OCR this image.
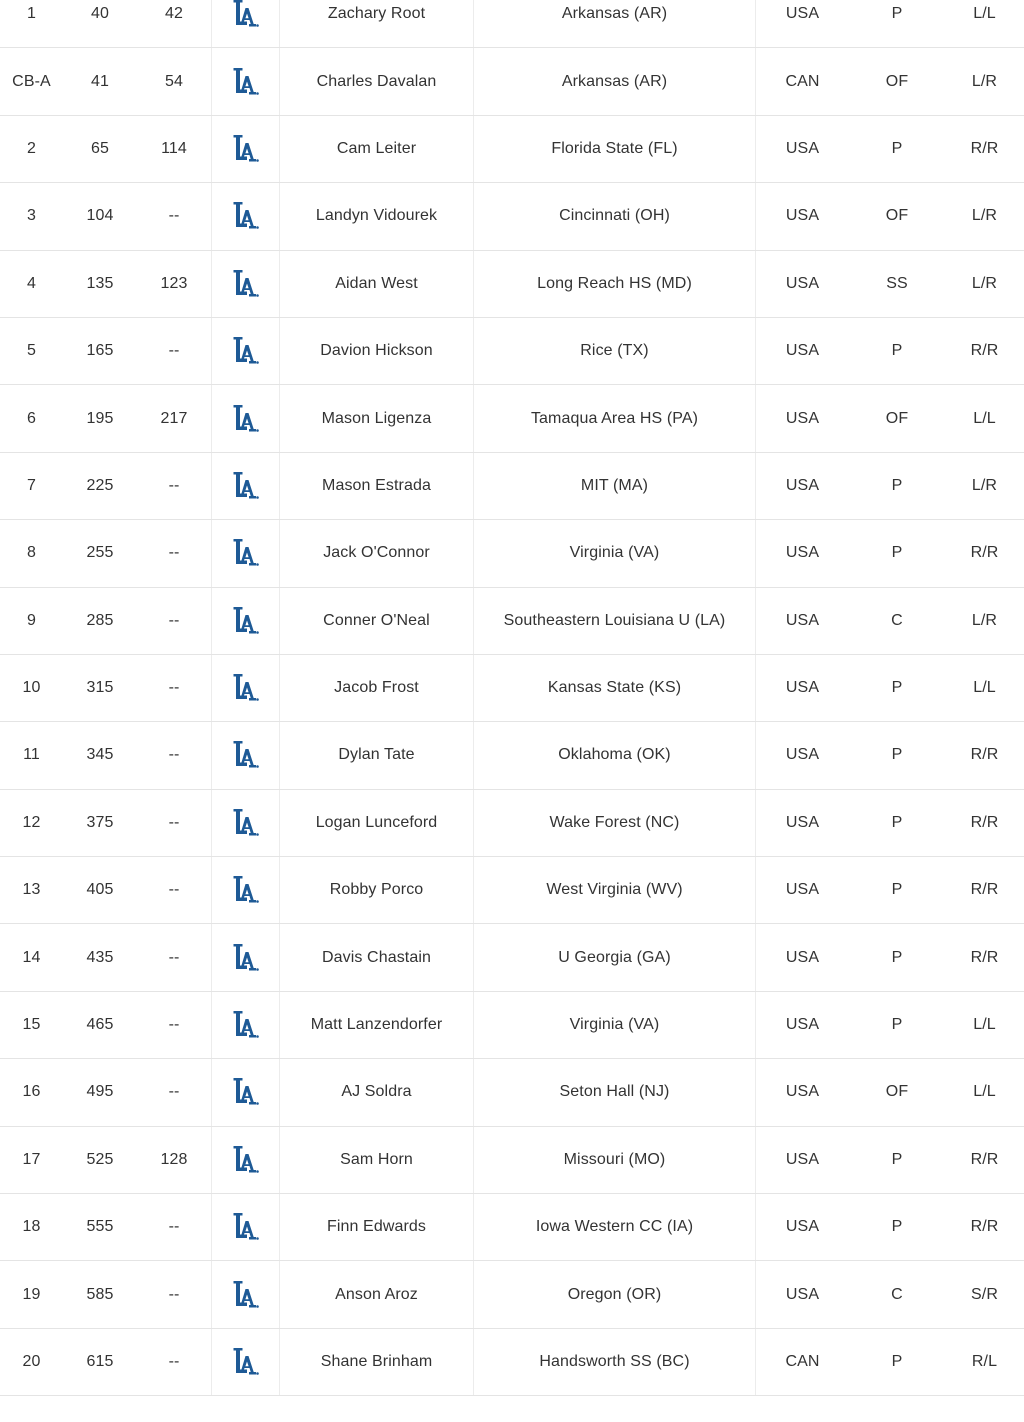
1	40	42	Zachary Root	Arkansas (AR)	USA	P	L/L
CB-A	41	54	Charles Davalan	Arkansas (AR)	CAN	OF	L/R
2	65	114	Cam Leiter	Florida State (FL)	USA	P	R/R
3	104	--	Landyn Vidourek	Cincinnati (OH)	USA	OF	L/R
4	135	123	Aidan West	Long Reach HS (MD)	USA	SS	L/R
5	165	--	Davion Hickson	Rice (TX)	USA	P	R/R
6	195	217	Mason Ligenza	Tamaqua Area HS (PA)	USA	OF	L/L
7	225	--	Mason Estrada	MIT (MA)	USA	P	L/R
8	255	--	Jack O'Connor	Virginia (VA)	USA	P	R/R
9	285	--	Conner O'Neal	Southeastern Louisiana U (LA)	USA	C	L/R
10	315	--	Jacob Frost	Kansas State (KS)	USA	P	L/L
11	345	--	Dylan Tate	Oklahoma (OK)	USA	P	R/R
12	375	--	Logan Lunceford	Wake Forest (NC)	USA	P	R/R
13	405	--	Robby Porco	West Virginia (WV)	USA	P	R/R
14	435	--	Davis Chastain	U Georgia (GA)	USA	P	R/R
15	465	--	Matt Lanzendorfer	Virginia (VA)	USA	P	L/L
16	495	--	AJ Soldra	Seton Hall (NJ)	USA	OF	L/L
17	525	128	Sam Horn	Missouri (MO)	USA	P	R/R
18	555	--	Finn Edwards	Iowa Western CC (IA)	USA	P	R/R
19	585	--	Anson Aroz	Oregon (OR)	USA	C	S/R
20	615	--	Shane Brinham	Handsworth SS (BC)	CAN	P	R/L
